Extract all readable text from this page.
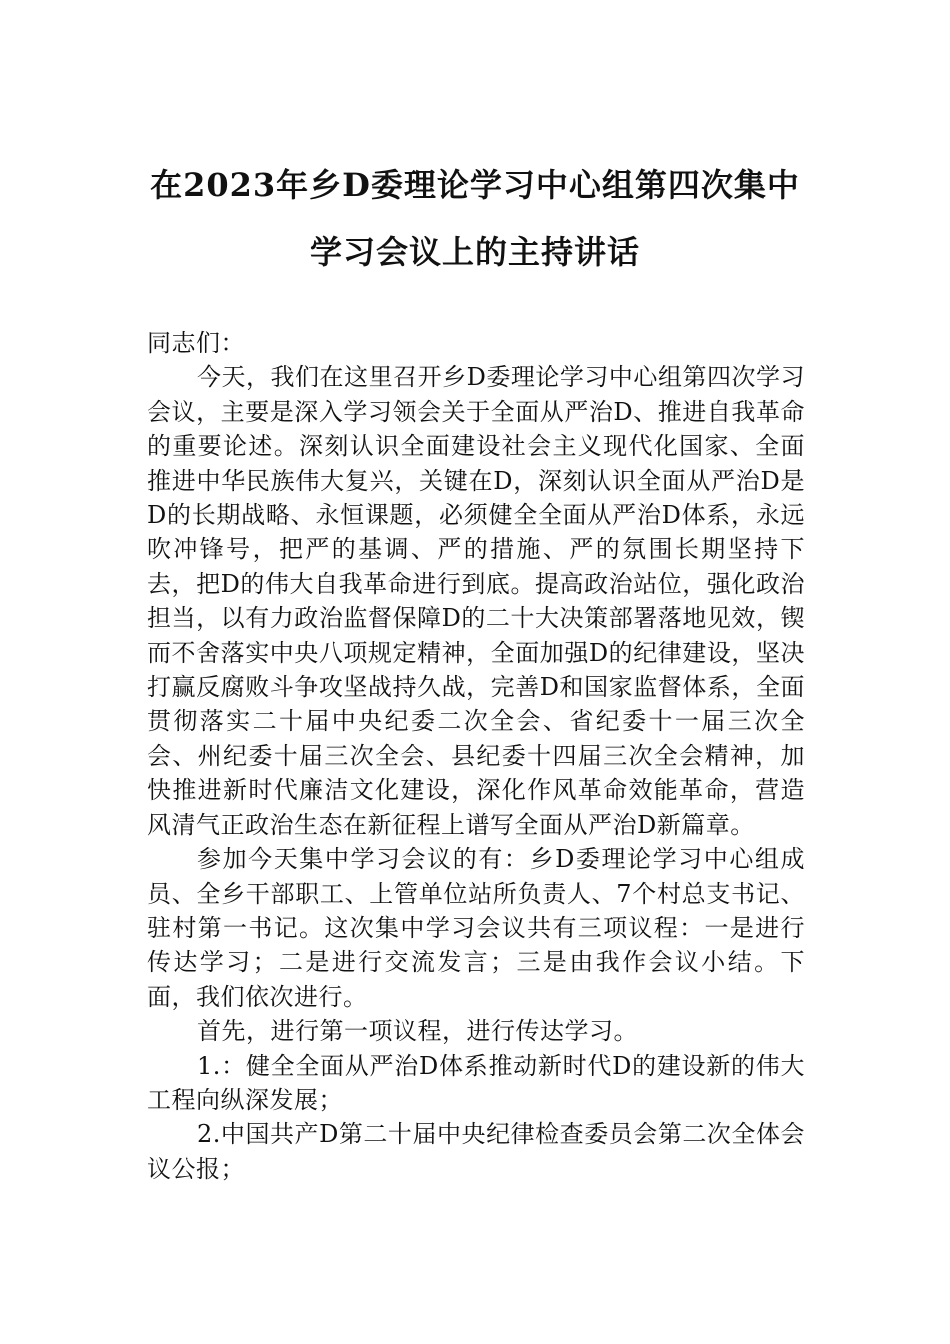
在2023年乡D委理论学习中心组第四次集中学习会议上的主持讲话

同志们：

今天，我们在这里召开乡D委理论学习中心组第四次学习会议，主要是深入学习领会关于全面从严治D、推进自我革命的重要论述。深刻认识全面建设社会主义现代化国家、全面推进中华民族伟大复兴，关键在D，深刻认识全面从严治D是D的长期战略、永恒课题，必须健全全面从严治D体系，永远吹冲锋号，把严的基调、严的措施、严的氛围长期坚持下去，把D的伟大自我革命进行到底。提高政治站位，强化政治担当，以有力政治监督保障D的二十大决策部署落地见效，锲而不舍落实中央八项规定精神，全面加强D的纪律建设，坚决打赢反腐败斗争攻坚战持久战，完善D和国家监督体系，全面贯彻落实二十届中央纪委二次全会、省纪委十一届三次全会、州纪委十届三次全会、县纪委十四届三次全会精神，加快推进新时代廉洁文化建设，深化作风革命效能革命，营造风清气正政治生态在新征程上谱写全面从严治D新篇章。

参加今天集中学习会议的有：乡D委理论学习中心组成员、全乡干部职工、上管单位站所负责人、7个村总支书记、驻村第一书记。这次集中学习会议共有三项议程：一是进行传达学习；二是进行交流发言；三是由我作会议小结。下面，我们依次进行。

首先，进行第一项议程，进行传达学习。

1.：健全全面从严治D体系推动新时代D的建设新的伟大工程向纵深发展；

2.中国共产D第二十届中央纪律检查委员会第二次全体会议公报；
